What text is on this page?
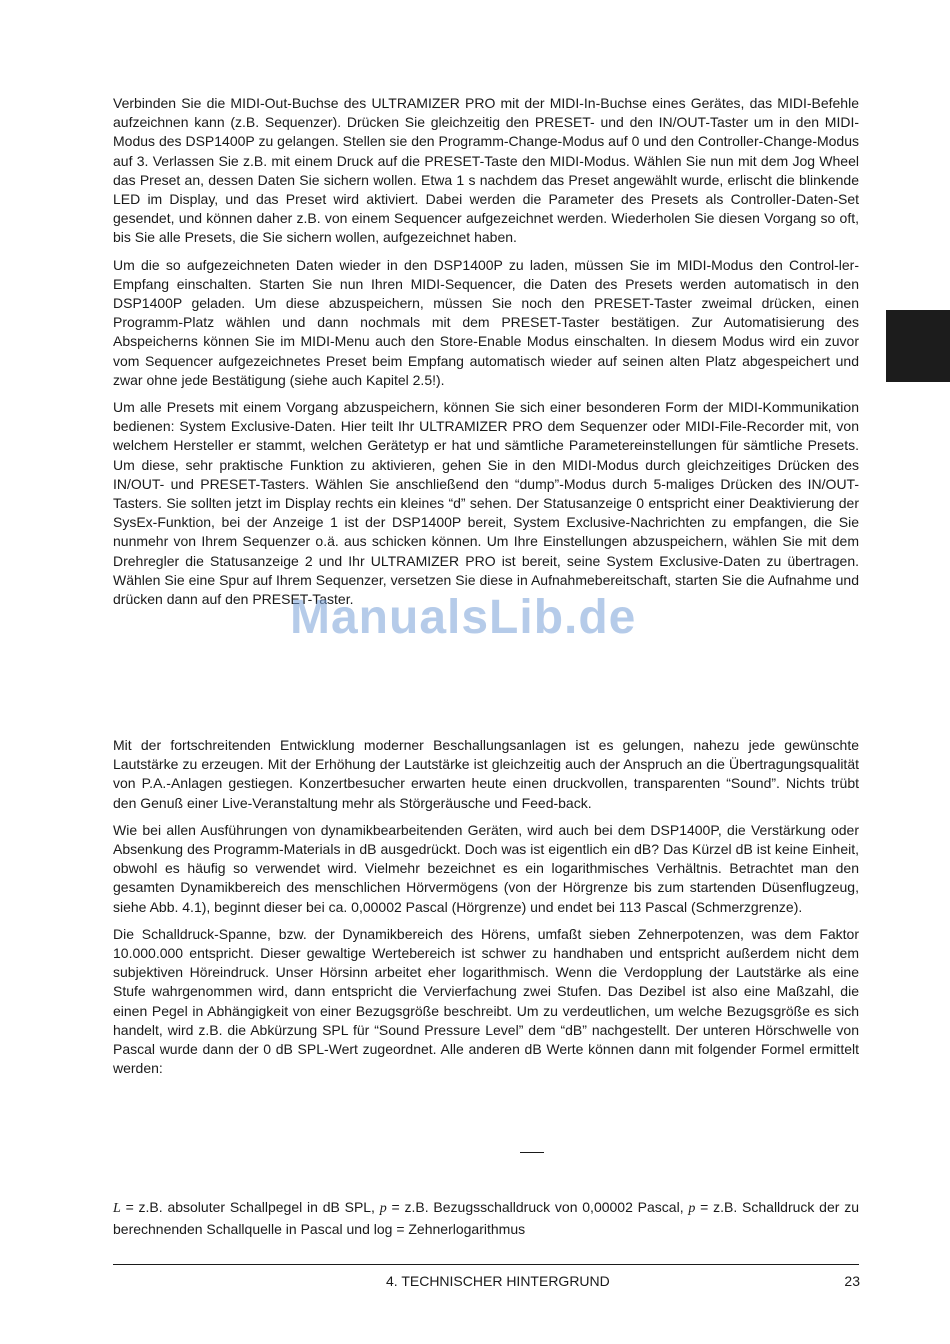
Verbinden Sie die MIDI-Out-Buchse des ULTRAMIZER PRO mit der MIDI-In-Buchse eines Gerätes, das MIDI-Befehle aufzeichnen kann (z.B. Sequenzer). Drücken Sie gleichzeitig den PRESET- und den IN/OUT-Taster um in den MIDI-Modus des DSP1400P zu gelangen. Stellen sie den Programm-Change-Modus auf 0 und den Controller-Change-Modus auf 3. Verlassen Sie z.B. mit einem Druck auf die PRESET-Taste den MIDI-Modus. Wählen Sie nun mit dem Jog Wheel das Preset an, dessen Daten Sie sichern wollen. Etwa 1 s nachdem das Preset angewählt wurde, erlischt die blinkende LED im Display, und das Preset wird aktiviert. Dabei werden die Parameter des Presets als Controller-Daten-Set gesendet, und können daher z.B. von einem Sequencer aufgezeichnet werden. Wiederholen Sie diesen Vorgang so oft, bis Sie alle Presets, die Sie sichern wollen, aufgezeichnet haben.

Um die so aufgezeichneten Daten wieder in den DSP1400P zu laden, müssen Sie im MIDI-Modus den Control-ler-Empfang einschalten. Starten Sie nun Ihren MIDI-Sequencer, die Daten des Presets werden automatisch in den DSP1400P geladen. Um diese abzuspeichern, müssen Sie noch den PRESET-Taster zweimal drücken, einen Programm-Platz wählen und dann nochmals mit dem PRESET-Taster bestätigen. Zur Automatisierung des Abspeicherns können Sie im MIDI-Menu auch den Store-Enable Modus einschalten. In diesem Modus wird ein zuvor vom Sequencer aufgezeichnetes Preset beim Empfang automatisch wieder auf seinen alten Platz abgespeichert und zwar ohne jede Bestätigung (siehe auch Kapitel 2.5!).

Um alle Presets mit einem Vorgang abzuspeichern, können Sie sich einer besonderen Form der MIDI-Kommunikation bedienen: System Exclusive-Daten. Hier teilt Ihr ULTRAMIZER PRO dem Sequenzer oder MIDI-File-Recorder mit, von welchem Hersteller er stammt, welchen Gerätetyp er hat und sämtliche Parametereinstellungen für sämtliche Presets. Um diese, sehr praktische Funktion zu aktivieren, gehen Sie in den MIDI-Modus durch gleichzeitiges Drücken des IN/OUT- und PRESET-Tasters. Wählen Sie anschließend den “dump”-Modus durch 5-maliges Drücken des IN/OUT-Tasters. Sie sollten jetzt im Display rechts ein kleines “d” sehen. Der Statusanzeige 0 entspricht einer Deaktivierung der SysEx-Funktion, bei der Anzeige 1 ist der DSP1400P bereit, System Exclusive-Nachrichten zu empfangen, die Sie nunmehr von Ihrem Sequenzer o.ä. aus schicken können. Um Ihre Einstellungen abzuspeichern, wählen Sie mit dem Drehregler die Statusanzeige 2 und Ihr ULTRAMIZER PRO ist bereit, seine System Exclusive-Daten zu übertragen. Wählen Sie eine Spur auf Ihrem Sequenzer, versetzen Sie diese in Aufnahmebereitschaft, starten Sie die Aufnahme und drücken dann auf den PRESET-Taster.

ManualsLib.de

Mit der fortschreitenden Entwicklung moderner Beschallungsanlagen ist es gelungen, nahezu jede gewünschte Lautstärke zu erzeugen. Mit der Erhöhung der Lautstärke ist gleichzeitig auch der Anspruch an die Übertragungsqualität von P.A.-Anlagen gestiegen. Konzertbesucher erwarten heute einen druckvollen, transparenten “Sound”. Nichts trübt den Genuß einer Live-Veranstaltung mehr als Störgeräusche und Feed-back.

Wie bei allen Ausführungen von dynamikbearbeitenden Geräten, wird auch bei dem DSP1400P, die Verstärkung oder Absenkung des Programm-Materials in dB ausgedrückt. Doch was ist eigentlich ein dB? Das Kürzel dB ist keine Einheit, obwohl es häufig so verwendet wird. Vielmehr bezeichnet es ein logarithmisches Verhältnis. Betrachtet man den gesamten Dynamikbereich des menschlichen Hörvermögens (von der Hörgrenze bis zum startenden Düsenflugzeug, siehe Abb. 4.1), beginnt dieser bei ca. 0,00002 Pascal (Hörgrenze) und endet bei 113 Pascal (Schmerzgrenze).

Die Schalldruck-Spanne, bzw. der Dynamikbereich des Hörens, umfaßt sieben Zehnerpotenzen, was dem Faktor 10.000.000 entspricht. Dieser gewaltige Wertebereich ist schwer zu handhaben und entspricht außerdem nicht dem subjektiven Höreindruck. Unser Hörsinn arbeitet eher logarithmisch. Wenn die Verdopplung der Lautstärke als eine Stufe wahrgenommen wird, dann entspricht die Vervierfachung zwei Stufen. Das Dezibel ist also eine Maßzahl, die einen Pegel in Abhängigkeit von einer Bezugsgröße beschreibt. Um zu verdeutlichen, um welche Bezugsgröße es sich handelt, wird z.B. die Abkürzung SPL für “Sound Pressure Level” dem “dB” nachgestellt. Der unteren Hörschwelle von Pascal wurde dann der 0 dB SPL-Wert zugeordnet. Alle anderen dB Werte können dann mit folgender Formel ermittelt werden:

L = z.B. absoluter Schallpegel in dB SPL, p = z.B. Bezugsschalldruck von 0,00002 Pascal, p = z.B. Schalldruck der zu berechnenden Schallquelle in Pascal und log = Zehnerlogarithmus
4. TECHNISCHER HINTERGRUND	23
